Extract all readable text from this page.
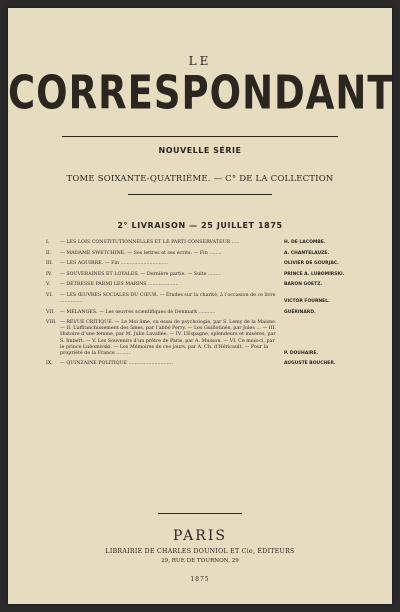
LE
CORRESPONDANT
NOUVELLE SÉRIE
TOME SOIXANTE-QUATRIÈME. — C° DE LA COLLECTION
2° LIVRAISON — 25 JUILLET 1875
I.	— LES LOIS CONSTITUTIONNELLES ET LE PARTI CONSERVATEUR .....	H. DE LACOMBE.
II.	— MADAME SWETCHINE. — Ses lettres et ses écrits. — Fin ........	A. CHANTELAUZE.
III.	— LES AGUIRRE. — Fin ...............................	OLIVIER DE GOURJAC.
IV.	— SOUVERAINES ET LOYALES. — Dernière partie. — Suite ........	PRINCE A. LUBOMIRSKI.
V.	— DÉTRESSE PARMI LES MARINS ....................	BARON GOETZ.
VI.	— LES ŒUVRES SOCIALES DU CŒUR. — Études sur la charité, à l’occasion de ce livre ...............	VICTOR FOURNEL.
VII.	— MÉLANGES. — Les œuvres scientifiques de Denmark ...........	GUÉRINARD.
VIII. — REVUE CRITIQUE. — Le Moi âme, ou essai de psychologie, par S. Lemy de la Maisne. — II. L’affranchissement des âmes, par l’abbé Perry. — Les Guillotinés, par Jules ... — III. Histoire d’une femme, par M. Julie Lavallée. — IV. L’Espagne, splendeurs et misères, par S. Imbert. — V. Les Souvenirs d’un prêtre de Paris, par A. Musson. — VI. Ce mois-ci, par le prince Lubomirski. — Les Mémoires de ces jours, par A. Ch. d’Héricault. — Pour la propriété de la France .........	P. DOUHAIRE.
IX.	— QUINZAINE POLITIQUE .............................	AUGUSTE BOUCHER.
PARIS
LIBRAIRIE DE CHARLES DOUNIOL ET Cie, ÉDITEURS
29, RUE DE TOURNON, 29
1875
